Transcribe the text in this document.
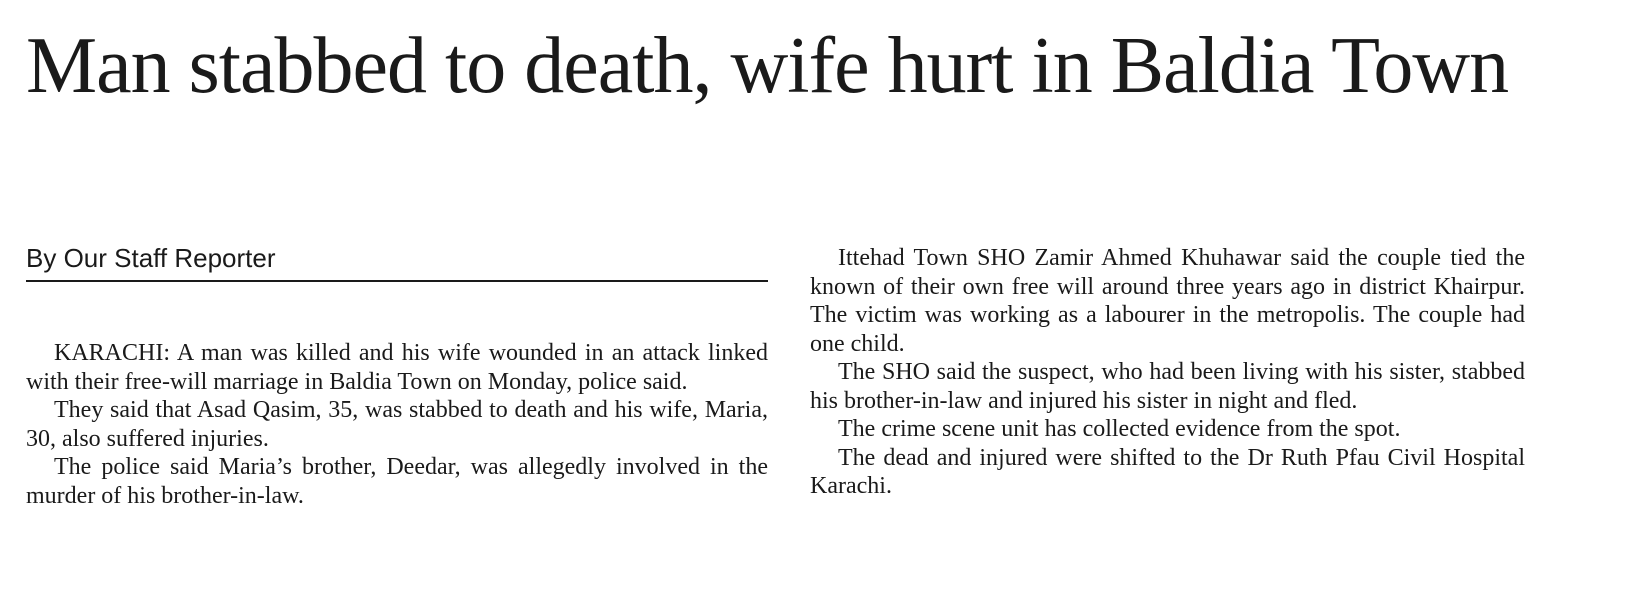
Man stabbed to death, wife hurt in Baldia Town
By Our Staff Reporter

KARACHI: A man was killed and his wife wounded in an attack linked with their free-will marriage in Baldia Town on Monday, police said.

They said that Asad Qasim, 35, was stabbed to death and his wife, Maria, 30, also suffered injuries.

The police said Maria’s brother, Deedar, was allegedly involved in the murder of his brother-in-law.

Ittehad Town SHO Zamir Ahmed Khuhawar said the couple tied the known of their own free will around three years ago in district Khairpur. The victim was working as a labourer in the metropolis. The couple had one child.

The SHO said the suspect, who had been living with his sister, stabbed his brother-in-law and injured his sister in night and fled.

The crime scene unit has collected evidence from the spot.

The dead and injured were shifted to the Dr Ruth Pfau Civil Hospital Karachi.
